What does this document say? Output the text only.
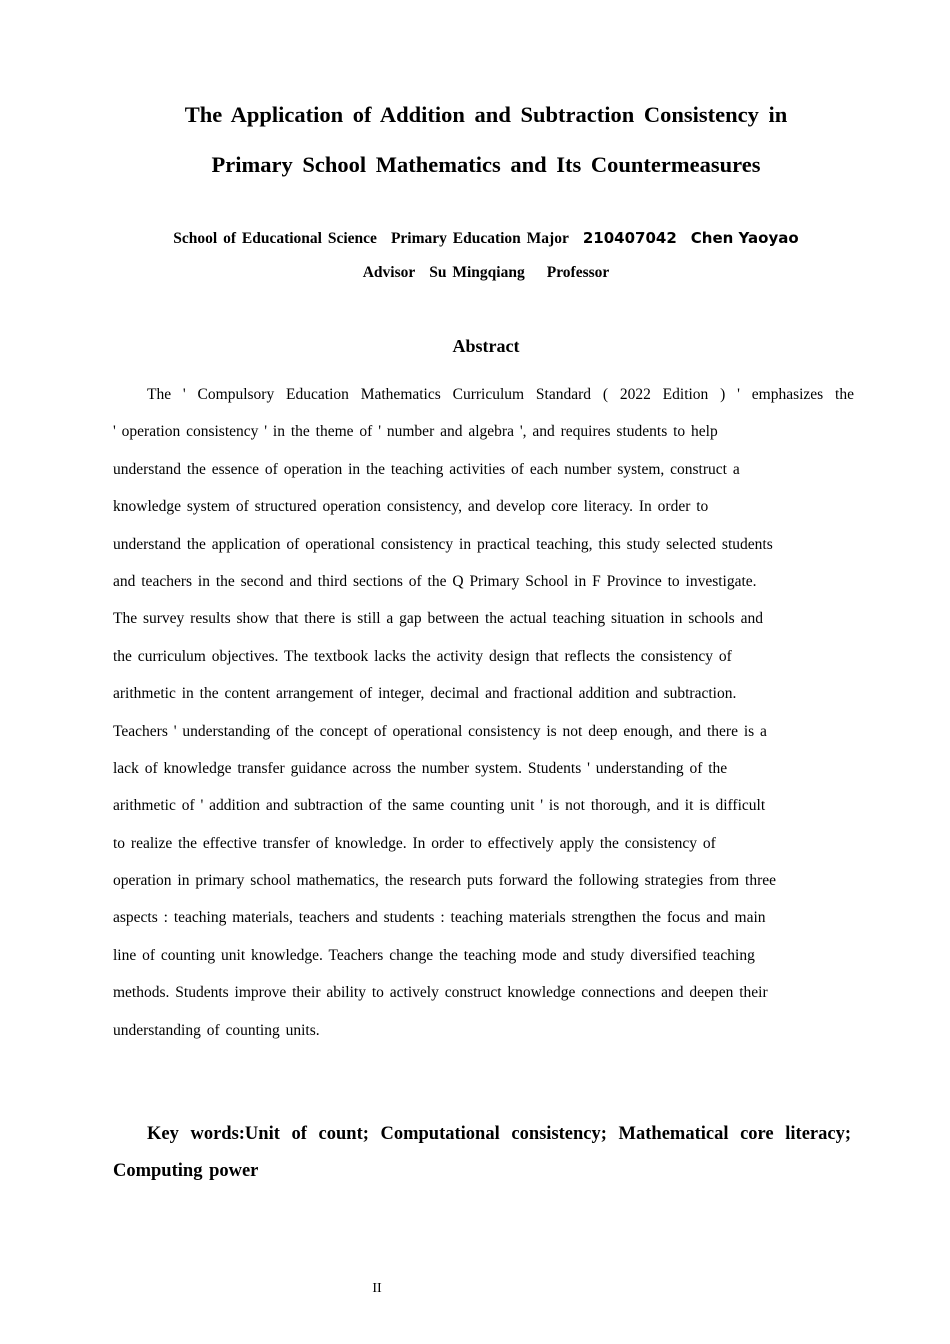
The Application of Addition and Subtraction Consistency in
Primary School Mathematics and Its Countermeasures
School of Educational Science Primary Education Major 210407042 Chen Yaoyao
Advisor Su Mingqiang Professor
Abstract
The ' Compulsory Education Mathematics Curriculum Standard ( 2022 Edition ) ' emphasizes the
' operation consistency ' in the theme of ' number and algebra ', and requires students to help
understand the essence of operation in the teaching activities of each number system, construct a
knowledge system of structured operation consistency, and develop core literacy. In order to
understand the application of operational consistency in practical teaching, this study selected students
and teachers in the second and third sections of the Q Primary School in F Province to investigate.
The survey results show that there is still a gap between the actual teaching situation in schools and
the curriculum objectives. The textbook lacks the activity design that reflects the consistency of
arithmetic in the content arrangement of integer, decimal and fractional addition and subtraction.
Teachers ' understanding of the concept of operational consistency is not deep enough, and there is a
lack of knowledge transfer guidance across the number system. Students ' understanding of the
arithmetic of ' addition and subtraction of the same counting unit ' is not thorough, and it is difficult
to realize the effective transfer of knowledge. In order to effectively apply the consistency of
operation in primary school mathematics, the research puts forward the following strategies from three
aspects : teaching materials, teachers and students : teaching materials strengthen the focus and main
line of counting unit knowledge. Teachers change the teaching mode and study diversified teaching
methods. Students improve their ability to actively construct knowledge connections and deepen their
understanding of counting units.
Key words:Unit of count; Computational consistency; Mathematical core literacy;
Computing power
II
